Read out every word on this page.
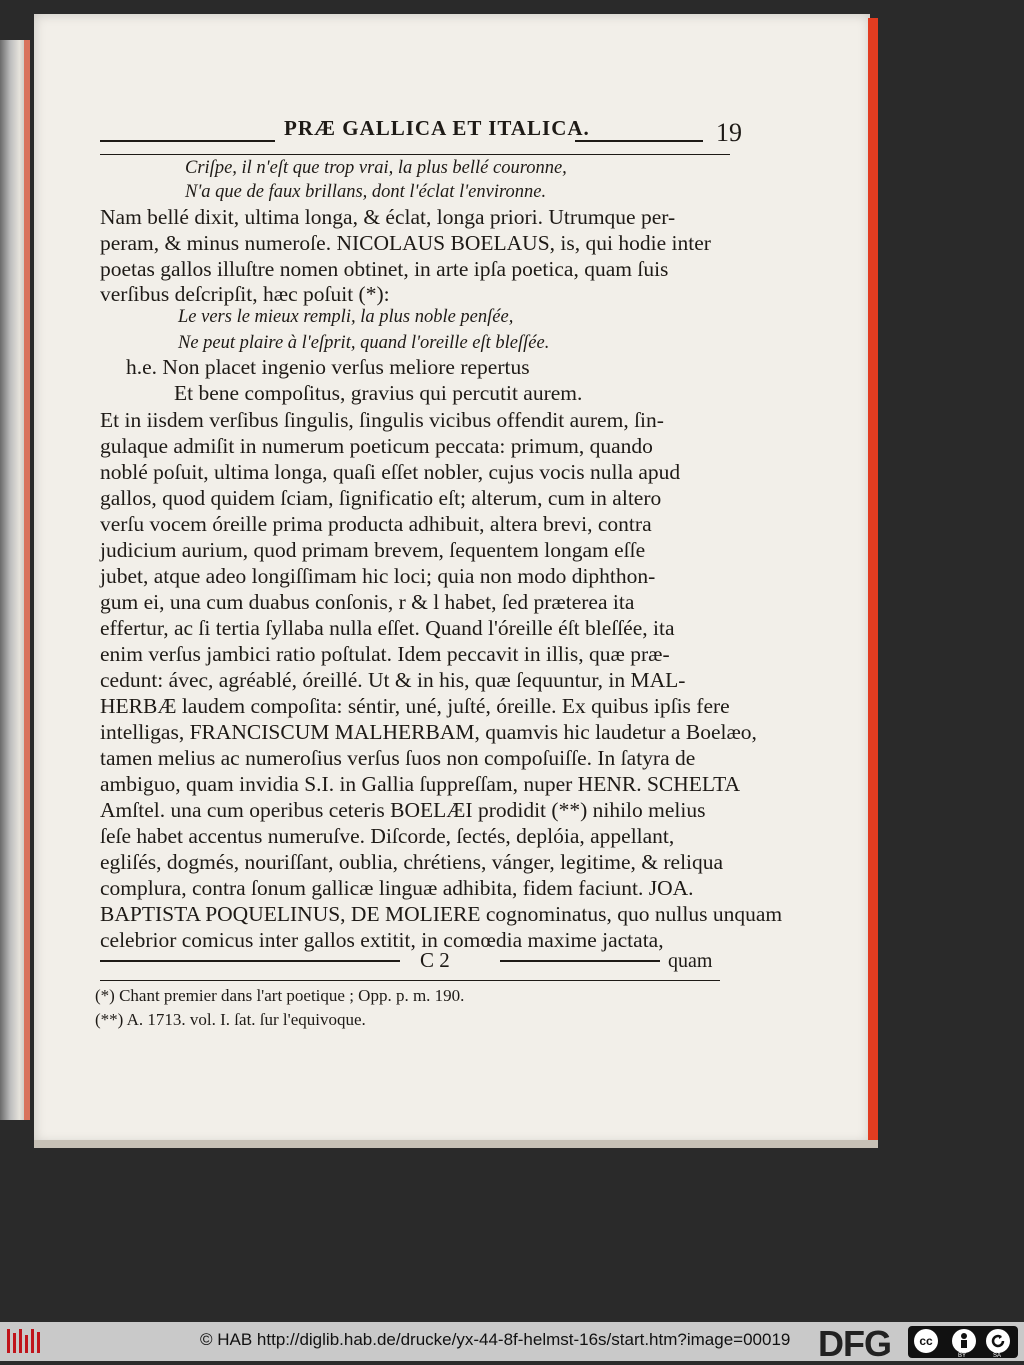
PRÆ GALLICA ET ITALICA.	19
Criſpe, il n'eſt que trop vrai, la plus bellé couronne,
N'a que de faux brillans, dont l'éclat l'environne.
Nam bellé dixit, ultima longa, & éclat, longa priori. Utrumque per-
peram, & minus numeroſe. NICOLAUS BOELAUS, is, qui hodie inter
poetas gallos illuſtre nomen obtinet, in arte ipſa poetica, quam ſuis
verſibus deſcripſit, hæc poſuit (*):
Le vers le mieux rempli, la plus noble penſée,
Ne peut plaire à l'eſprit, quand l'oreille eſt bleſſée.
h.e. Non placet ingenio verſus meliore repertus
Et bene compoſitus, gravius qui percutit aurem.
Et in iisdem verſibus ſingulis, ſingulis vicibus offendit aurem, ſin-
gulaque admiſit in numerum poeticum peccata: primum, quando
noblé poſuit, ultima longa, quaſi eſſet nobler, cujus vocis nulla apud
gallos, quod quidem ſciam, ſignificatio eſt; alterum, cum in altero
verſu vocem óreille prima producta adhibuit, altera brevi, contra
judicium aurium, quod primam brevem, ſequentem longam eſſe
jubet, atque adeo longiſſimam hic loci; quia non modo diphthon-
gum ei, una cum duabus conſonis, r & l habet, ſed præterea ita
effertur, ac ſi tertia ſyllaba nulla eſſet. Quand l'óreille éſt bleſſée, ita
enim verſus jambici ratio poſtulat. Idem peccavit in illis, quæ præ-
cedunt: ávec, agréablé, óreillé. Ut & in his, quæ ſequuntur, in MAL-
HERBÆ laudem compoſita: séntir, uné, juſté, óreille. Ex quibus ipſis fere
intelligas, FRANCISCUM MALHERBAM, quamvis hic laudetur a Boelæo,
tamen melius ac numeroſius verſus ſuos non compoſuiſſe. In ſatyra de
ambiguo, quam invidia S.I. in Gallia ſuppreſſam, nuper HENR. SCHELTA
Amſtel. una cum operibus ceteris BOELÆI prodidit (**) nihilo melius
ſeſe habet accentus numeruſve. Diſcorde, ſectés, deplóia, appellant,
egliſés, dogmés, nouriſſant, oublia, chrétiens, vánger, legitime, & reliqua
complura, contra ſonum gallicæ linguæ adhibita, fidem faciunt. JOA.
BAPTISTA POQUELINUS, DE MOLIERE cognominatus, quo nullus unquam
celebrior comicus inter gallos extitit, in comœdia maxime jactata,
C 2	quam
(*) Chant premier dans l'art poetique ; Opp. p. m. 190.
(**) A. 1713. vol. I. ſat. ſur l'equivoque.
© HAB http://diglib.hab.de/drucke/yx-44-8f-helmst-16s/start.htm?image=00019 DFG	cc
BY	SA
